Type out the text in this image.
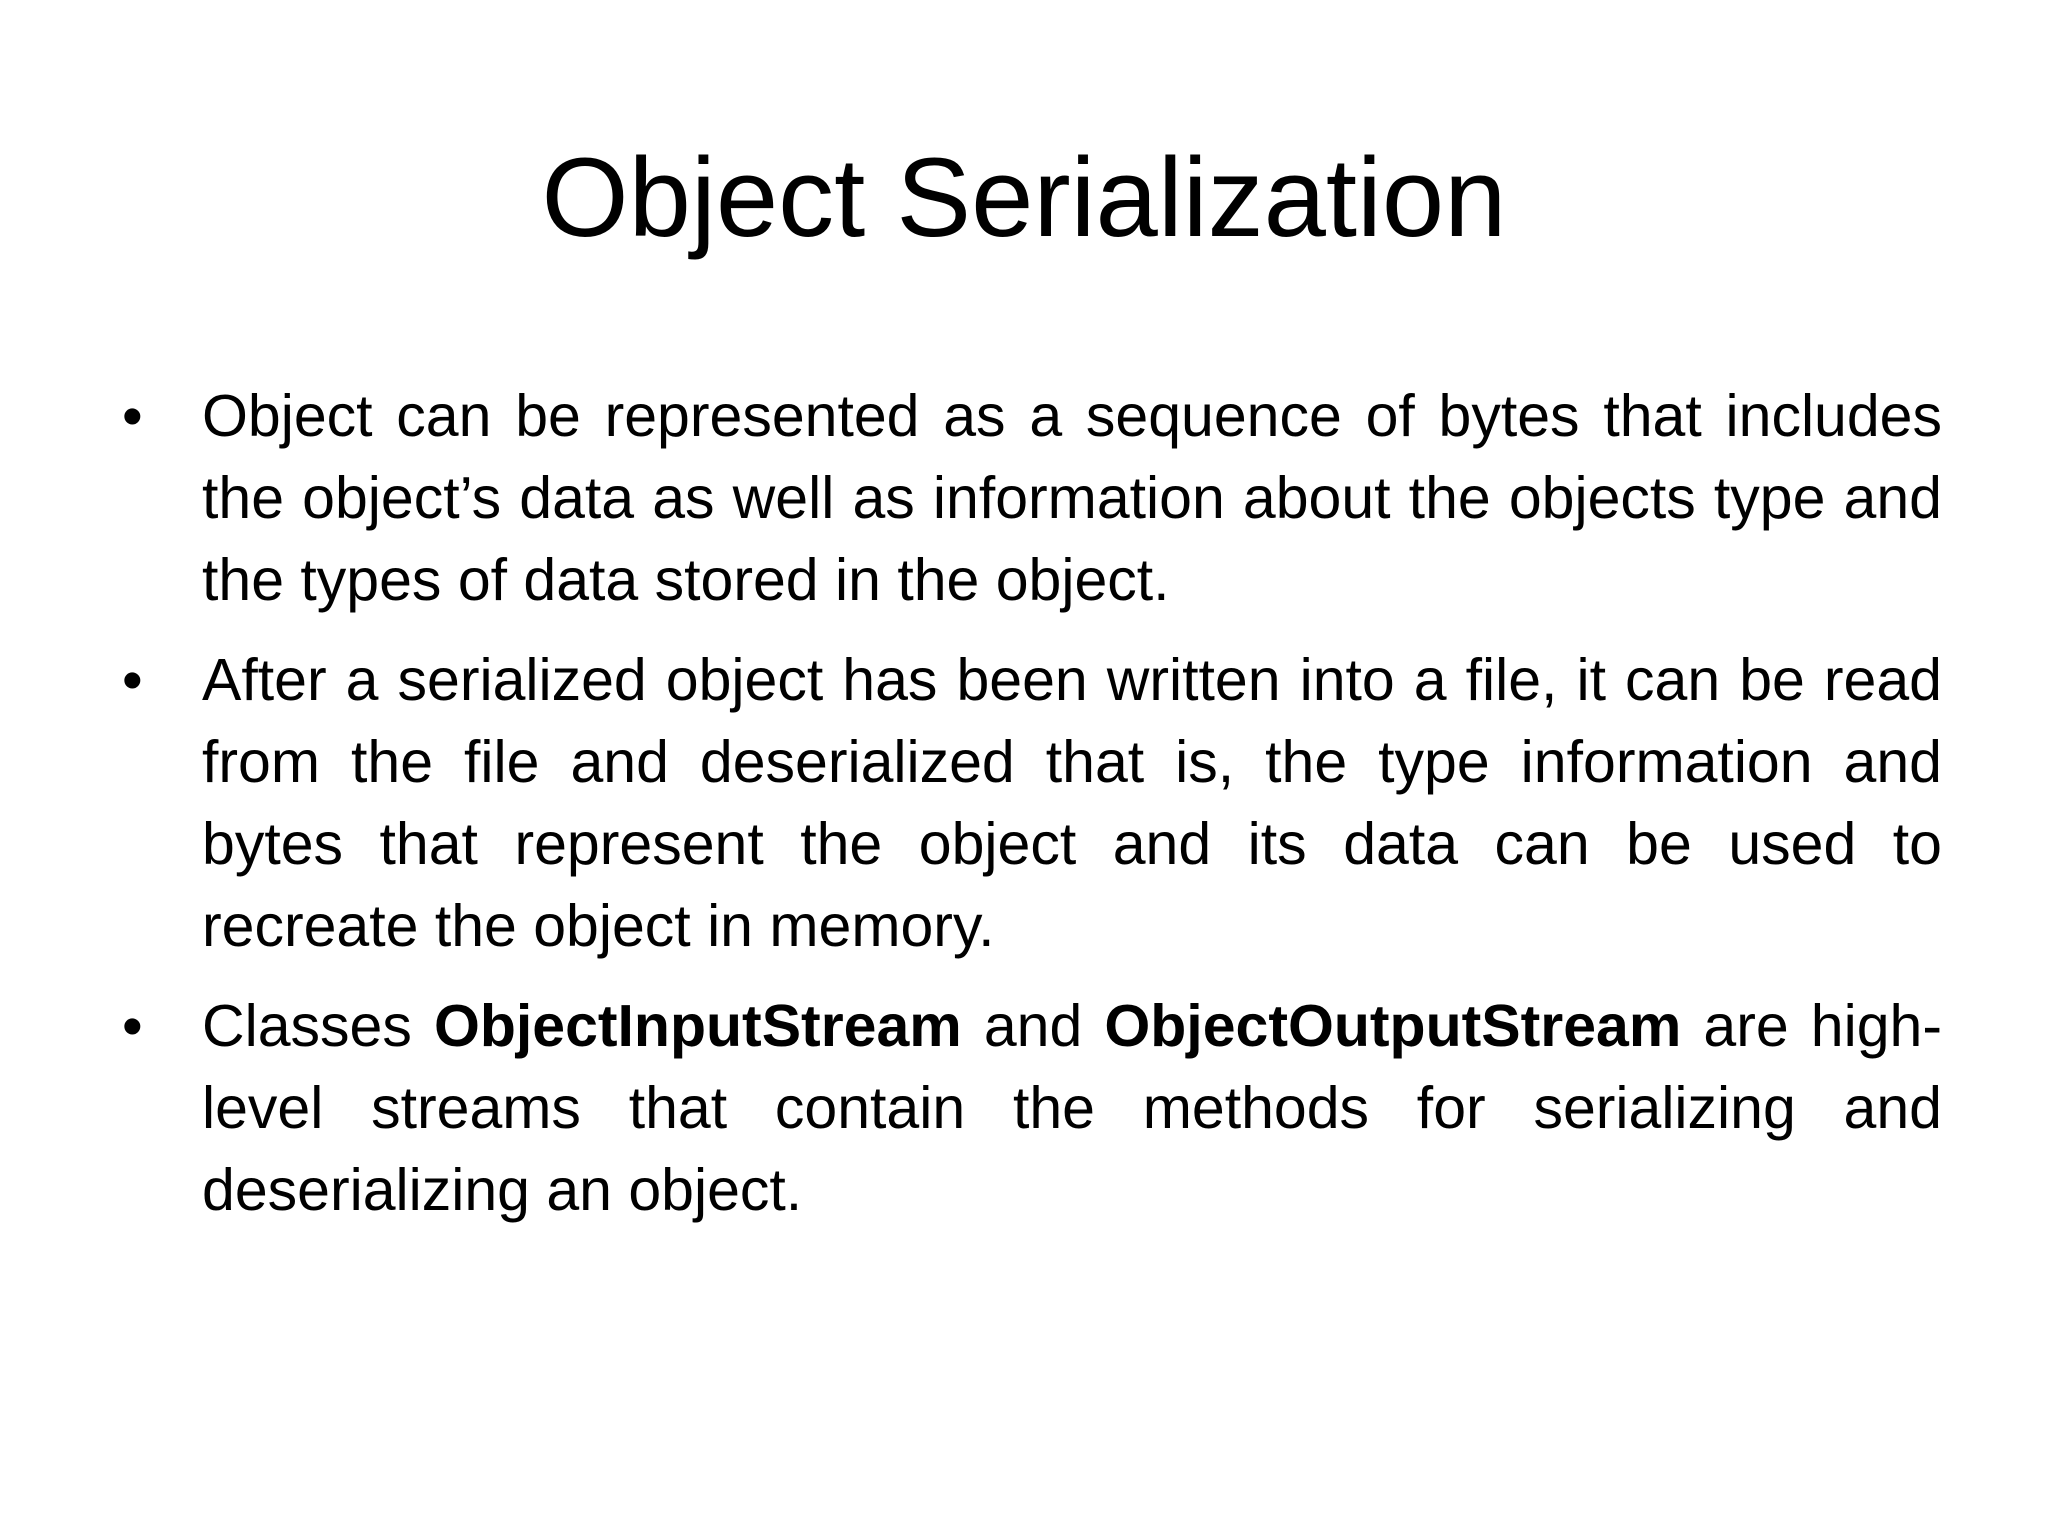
Object Serialization
•	Object can be represented as a sequence of bytes that includes the object’s data as well as information about the objects type and the types of data stored in the object.
•	After a serialized object has been written into a file, it can be read from the file and deserialized that is, the type information and bytes that represent the object and its data can be used to recreate the object in memory.
•	Classes ObjectInputStream and ObjectOutputStream are high-level streams that contain the methods for serializing and deserializing an object.
